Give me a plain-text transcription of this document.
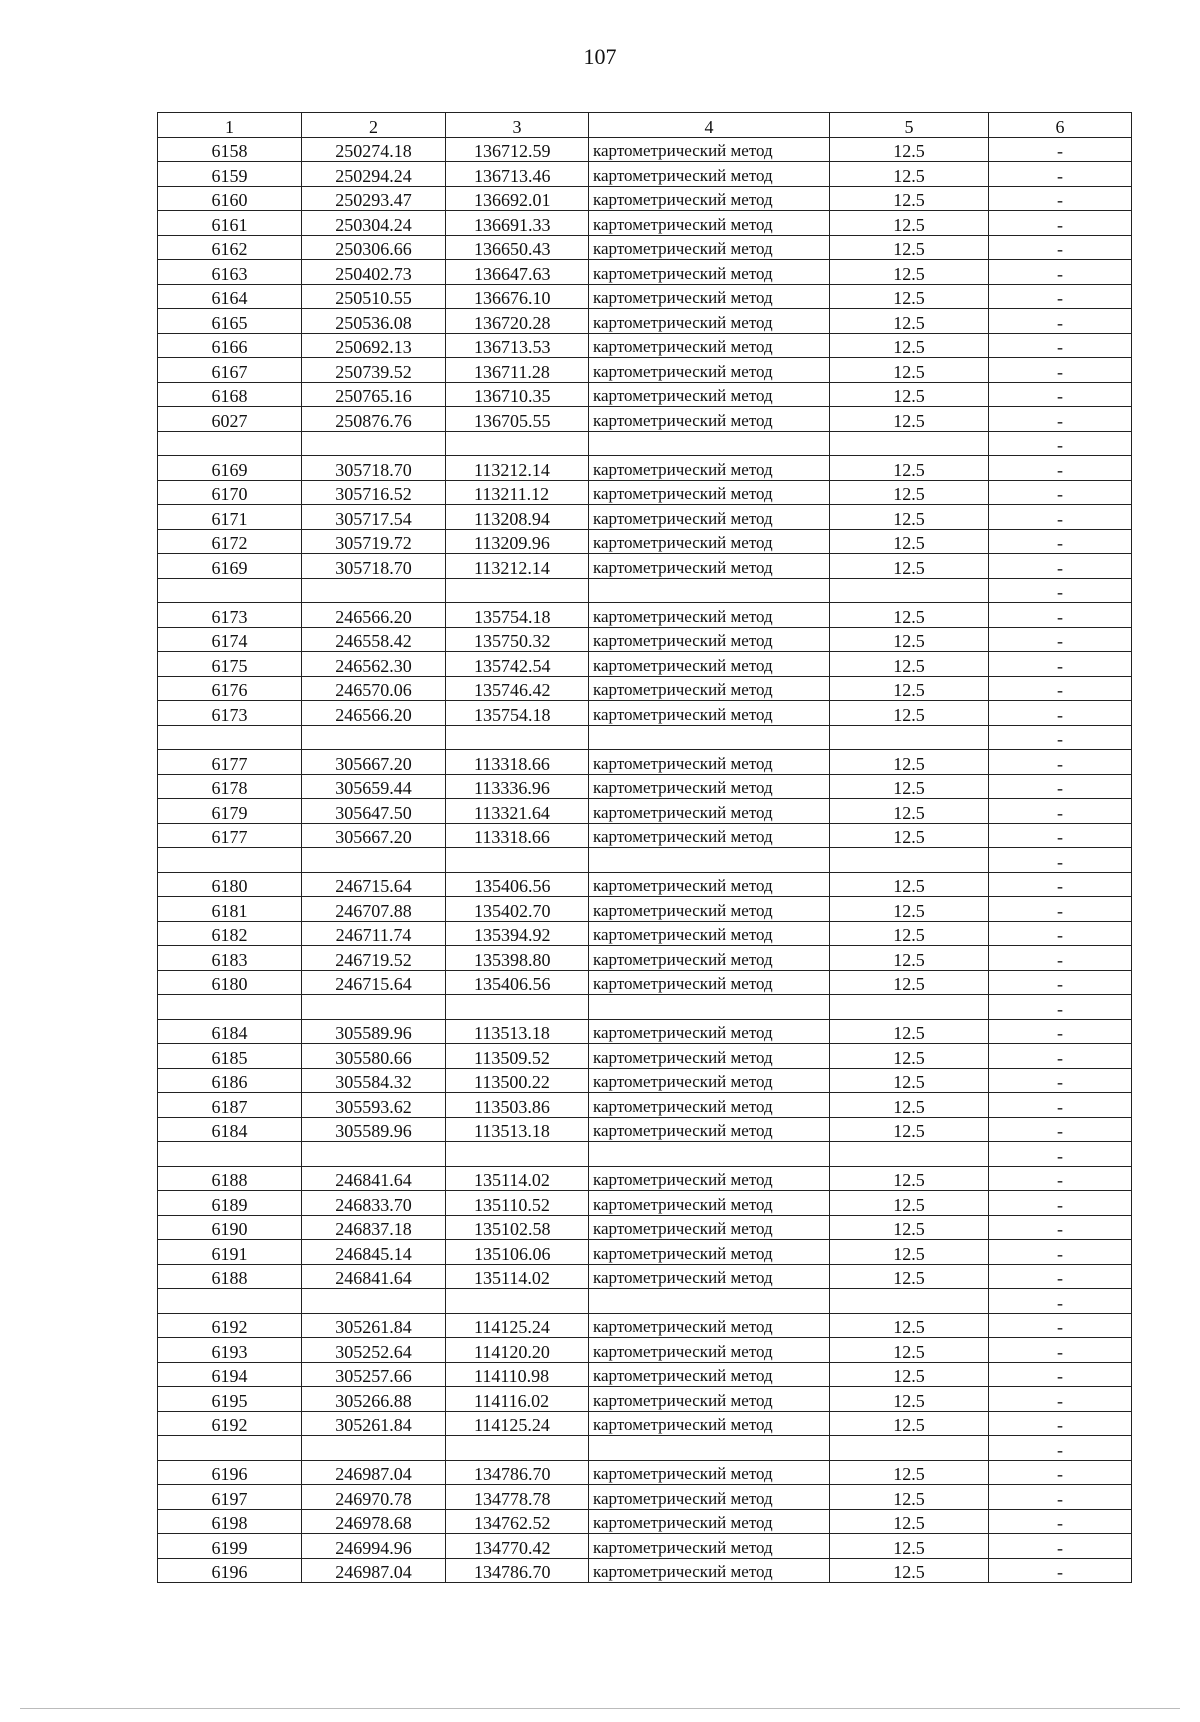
107
1	2	3	4	5	6
6158	250274.18	136712.59	картометрический метод	12.5	-
6159	250294.24	136713.46	картометрический метод	12.5	-
6160	250293.47	136692.01	картометрический метод	12.5	-
6161	250304.24	136691.33	картометрический метод	12.5	-
6162	250306.66	136650.43	картометрический метод	12.5	-
6163	250402.73	136647.63	картометрический метод	12.5	-
6164	250510.55	136676.10	картометрический метод	12.5	-
6165	250536.08	136720.28	картометрический метод	12.5	-
6166	250692.13	136713.53	картометрический метод	12.5	-
6167	250739.52	136711.28	картометрический метод	12.5	-
6168	250765.16	136710.35	картометрический метод	12.5	-
6027	250876.76	136705.55	картометрический метод	12.5	-
					-
6169	305718.70	113212.14	картометрический метод	12.5	-
6170	305716.52	113211.12	картометрический метод	12.5	-
6171	305717.54	113208.94	картометрический метод	12.5	-
6172	305719.72	113209.96	картометрический метод	12.5	-
6169	305718.70	113212.14	картометрический метод	12.5	-
					-
6173	246566.20	135754.18	картометрический метод	12.5	-
6174	246558.42	135750.32	картометрический метод	12.5	-
6175	246562.30	135742.54	картометрический метод	12.5	-
6176	246570.06	135746.42	картометрический метод	12.5	-
6173	246566.20	135754.18	картометрический метод	12.5	-
					-
6177	305667.20	113318.66	картометрический метод	12.5	-
6178	305659.44	113336.96	картометрический метод	12.5	-
6179	305647.50	113321.64	картометрический метод	12.5	-
6177	305667.20	113318.66	картометрический метод	12.5	-
					-
6180	246715.64	135406.56	картометрический метод	12.5	-
6181	246707.88	135402.70	картометрический метод	12.5	-
6182	246711.74	135394.92	картометрический метод	12.5	-
6183	246719.52	135398.80	картометрический метод	12.5	-
6180	246715.64	135406.56	картометрический метод	12.5	-
					-
6184	305589.96	113513.18	картометрический метод	12.5	-
6185	305580.66	113509.52	картометрический метод	12.5	-
6186	305584.32	113500.22	картометрический метод	12.5	-
6187	305593.62	113503.86	картометрический метод	12.5	-
6184	305589.96	113513.18	картометрический метод	12.5	-
					-
6188	246841.64	135114.02	картометрический метод	12.5	-
6189	246833.70	135110.52	картометрический метод	12.5	-
6190	246837.18	135102.58	картометрический метод	12.5	-
6191	246845.14	135106.06	картометрический метод	12.5	-
6188	246841.64	135114.02	картометрический метод	12.5	-
					-
6192	305261.84	114125.24	картометрический метод	12.5	-
6193	305252.64	114120.20	картометрический метод	12.5	-
6194	305257.66	114110.98	картометрический метод	12.5	-
6195	305266.88	114116.02	картометрический метод	12.5	-
6192	305261.84	114125.24	картометрический метод	12.5	-
					-
6196	246987.04	134786.70	картометрический метод	12.5	-
6197	246970.78	134778.78	картометрический метод	12.5	-
6198	246978.68	134762.52	картометрический метод	12.5	-
6199	246994.96	134770.42	картометрический метод	12.5	-
6196	246987.04	134786.70	картометрический метод	12.5	-
